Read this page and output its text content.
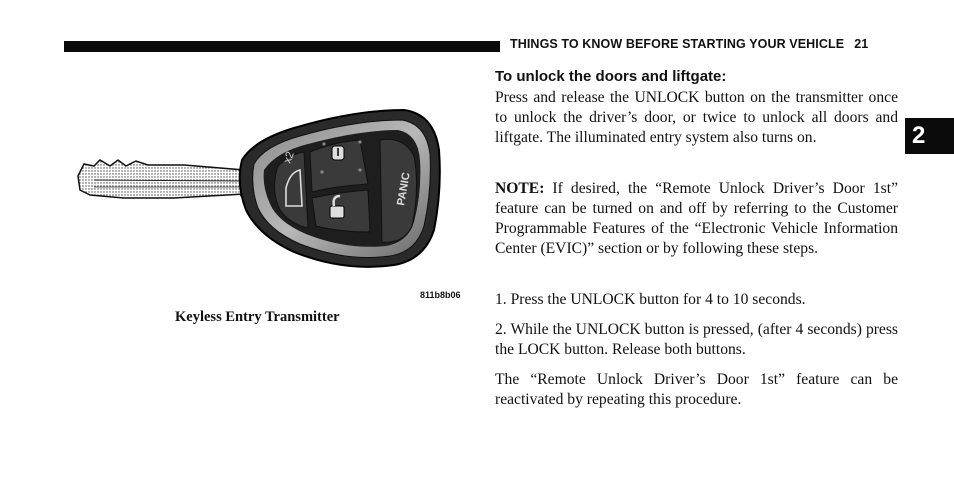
THINGS TO KNOW BEFORE STARTING YOUR VEHICLE 21
2
x2
PANIC
811b8b06
Keyless Entry Transmitter
To unlock the doors and liftgate:

Press and release the UNLOCK button on the transmitter once to unlock the driver’s door, or twice to unlock all doors and liftgate. The illuminated entry system also turns on.

NOTE: If desired, the “Remote Unlock Driver’s Door 1st” feature can be turned on and off by referring to the Customer Programmable Features of the “Electronic Vehicle Information Center (EVIC)” section or by following these steps.

1. Press the UNLOCK button for 4 to 10 seconds.

2. While the UNLOCK button is pressed, (after 4 seconds) press the LOCK button. Release both buttons.

The “Remote Unlock Driver’s Door 1st” feature can be reactivated by repeating this procedure.
